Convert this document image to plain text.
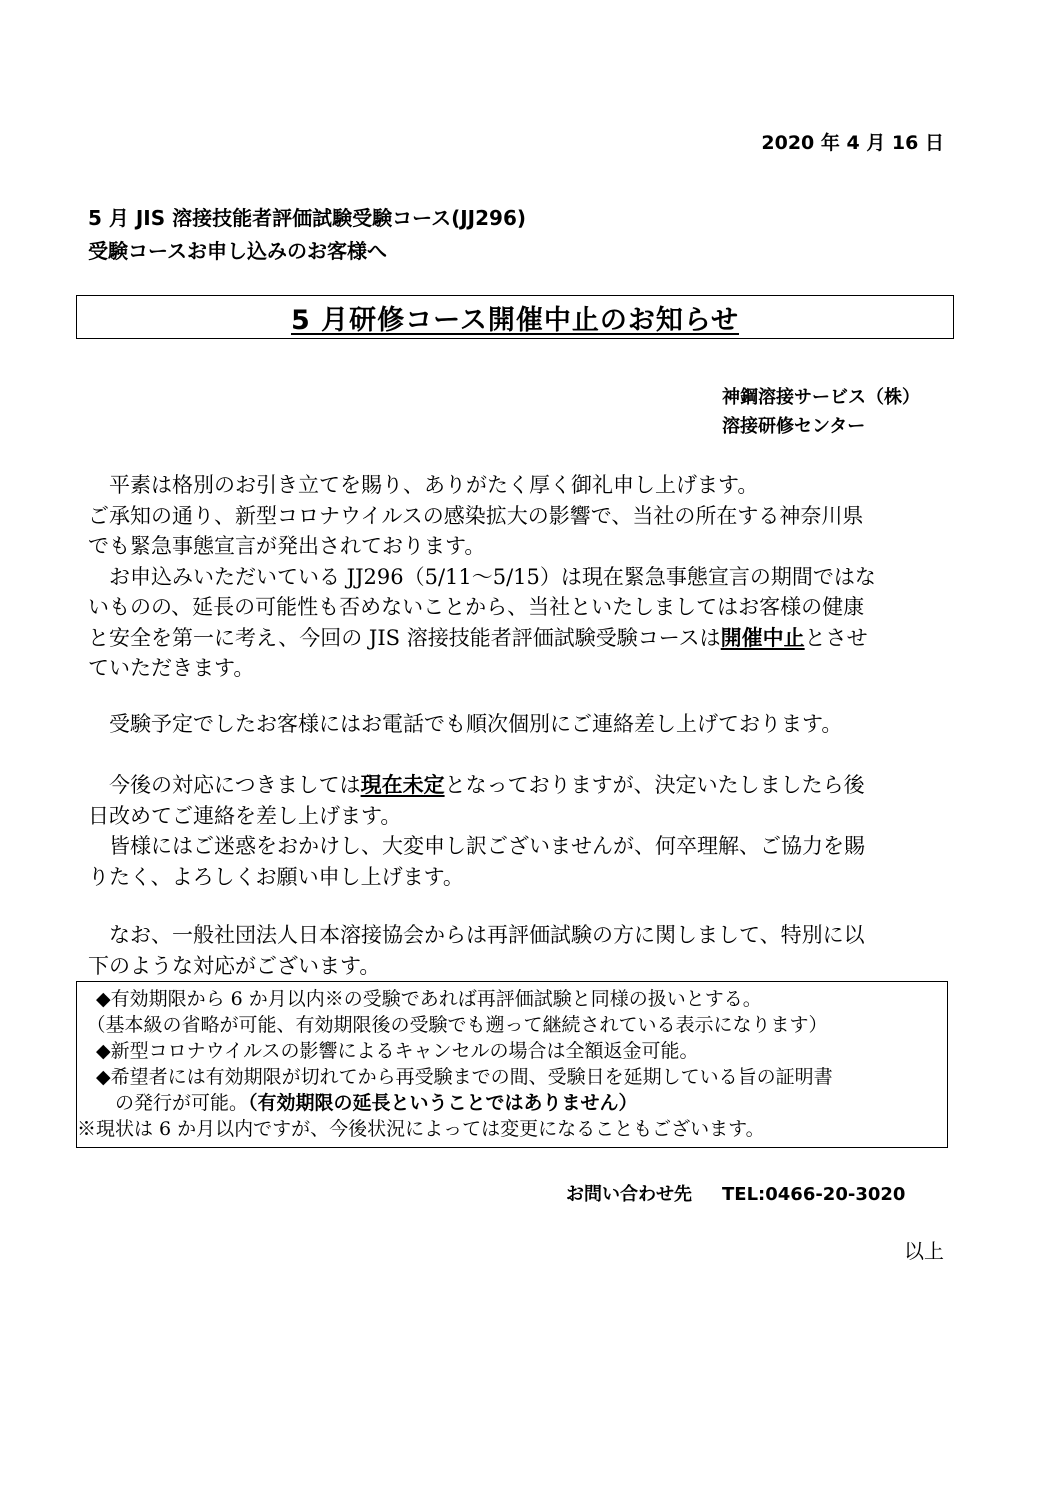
2020 年 4 月 16 日
5 月 JIS 溶接技能者評価試験受験コース(JJ296)
受験コースお申し込みのお客様へ
5 月研修コース開催中止のお知らせ
神鋼溶接サービス（株）
溶接研修センター
　平素は格別のお引き立てを賜り、ありがたく厚く御礼申し上げます。
ご承知の通り、新型コロナウイルスの感染拡大の影響で、当社の所在する神奈川県
でも緊急事態宣言が発出されております。
　お申込みいただいている JJ296（5/11～5/15）は現在緊急事態宣言の期間ではな
いものの、延長の可能性も否めないことから、当社といたしましてはお客様の健康
と安全を第一に考え、今回の JIS 溶接技能者評価試験受験コースは開催中止とさせ
ていただきます。
　受験予定でしたお客様にはお電話でも順次個別にご連絡差し上げております。
　今後の対応につきましては現在未定となっておりますが、決定いたしましたら後
日改めてご連絡を差し上げます。
　皆様にはご迷惑をおかけし、大変申し訳ございませんが、何卒理解、ご協力を賜
りたく、よろしくお願い申し上げます。
　なお、一般社団法人日本溶接協会からは再評価試験の方に関しまして、特別に以
下のような対応がございます。
　◆有効期限から 6 か月以内※の受験であれば再評価試験と同様の扱いとする。
　（基本級の省略が可能、有効期限後の受験でも遡って継続されている表示になります）
　◆新型コロナウイルスの影響によるキャンセルの場合は全額返金可能。
　◆希望者には有効期限が切れてから再受験までの間、受験日を延期している旨の証明書
　　の発行が可能。（有効期限の延長ということではありません）
※現状は 6 か月以内ですが、今後状況によっては変更になることもございます。
お問い合わせ先 TEL:0466-20-3020
以上
